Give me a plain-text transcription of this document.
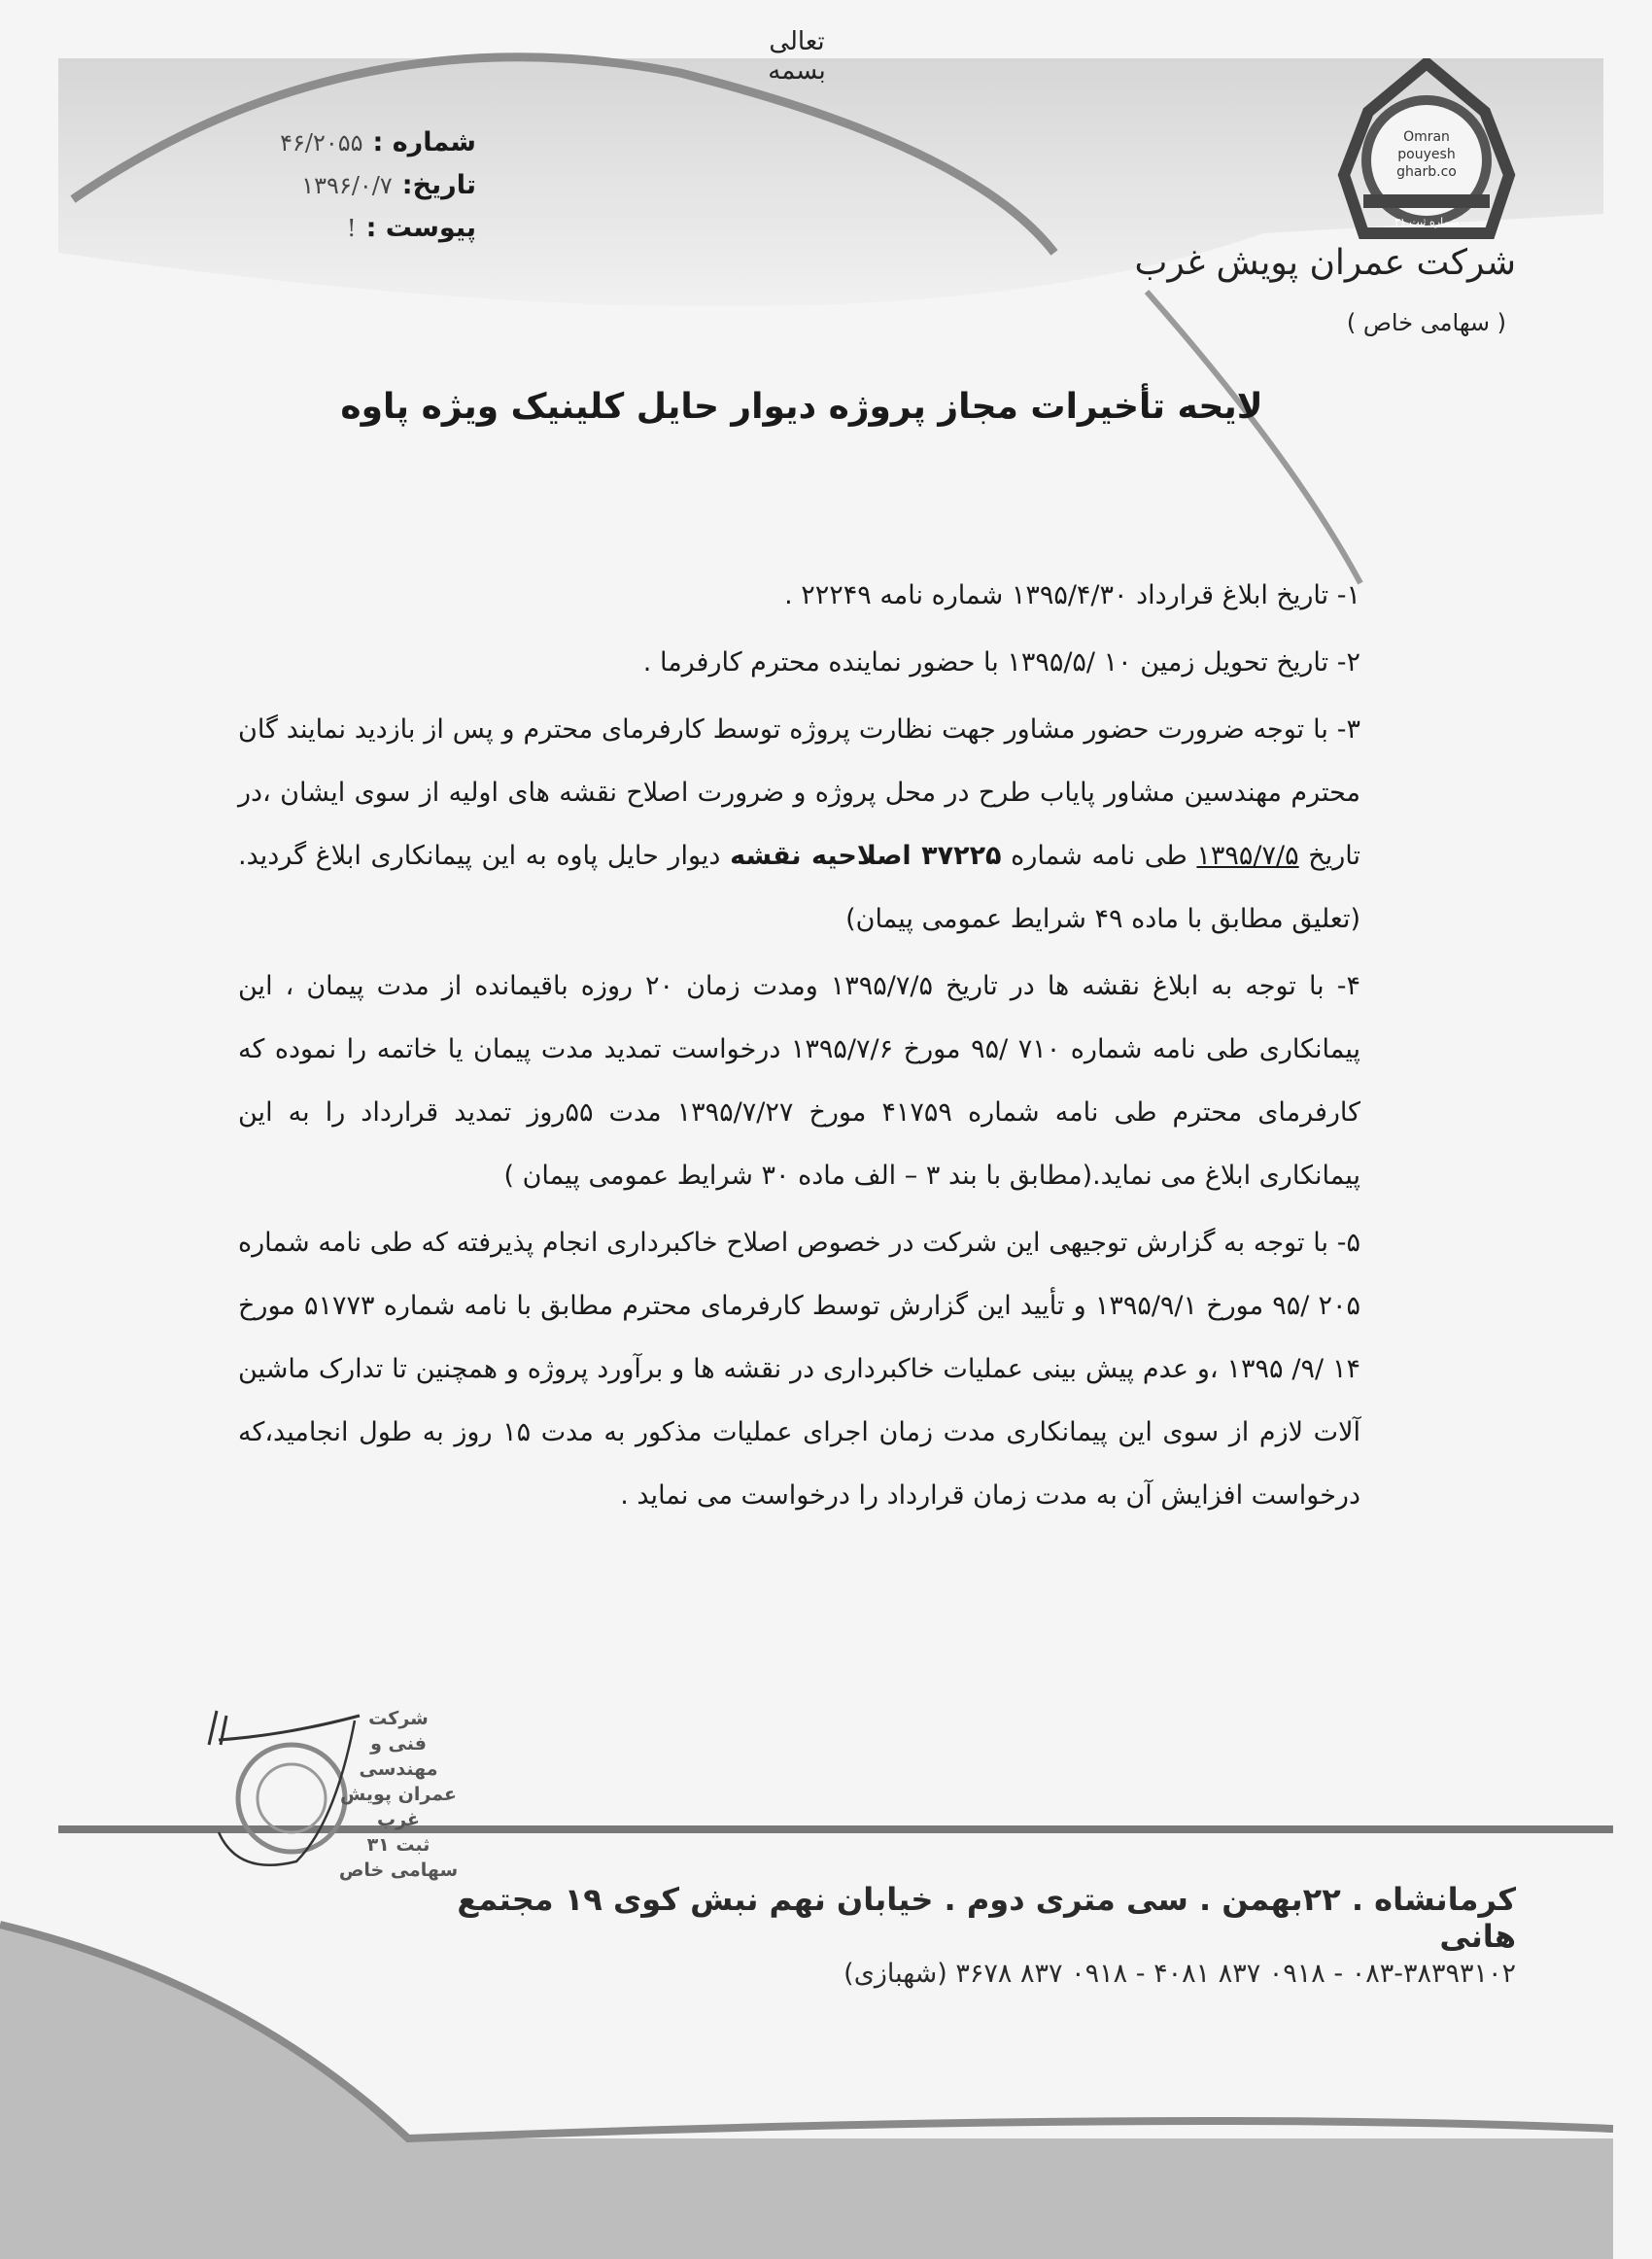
تعالی
بسمه
شماره :
۴۶/۲۰۵۵
تاریخ:
۱۳۹۶/۰/۷
پیوست :
!
Omran
pouyesh
gharb.co
شماره ثبت ۳۱
شرکت عمران پویش غرب
( سهامی خاص )
لایحه تأخیرات مجاز پروژه دیوار حایل کلینیک ویژه پاوه

۱- تاریخ ابلاغ قرارداد ۱۳۹۵/۴/۳۰ شماره نامه ۲۲۲۴۹ .

۲- تاریخ تحویل زمین ۱۰ /۱۳۹۵/۵ با حضور نماینده محترم کارفرما .

۳- با توجه ضرورت حضور مشاور جهت نظارت پروژه توسط کارفرمای محترم و پس از بازدید نمایند گان محترم مهندسین مشاور پایاب طرح در محل پروژه و ضرورت اصلاح نقشه های اولیه از سوی ایشان ،در تاریخ ۱۳۹۵/۷/۵ طی نامه شماره ۳۷۲۲۵ اصلاحیه نقشه دیوار حایل پاوه به این پیمانکاری ابلاغ گردید.(تعلیق مطابق با ماده ۴۹ شرایط عمومی پیمان)

۴- با توجه به ابلاغ نقشه ها در تاریخ ۱۳۹۵/۷/۵ ومدت زمان ۲۰ روزه باقیمانده از مدت پیمان ، این پیمانکاری طی نامه شماره ۷۱۰ /۹۵ مورخ ۱۳۹۵/۷/۶ درخواست تمدید مدت پیمان یا خاتمه را نموده که کارفرمای محترم طی نامه شماره ۴۱۷۵۹ مورخ ۱۳۹۵/۷/۲۷ مدت ۵۵روز تمدید قرارداد را به این پیمانکاری ابلاغ می نماید.(مطابق با بند ۳ – الف ماده ۳۰ شرایط عمومی پیمان )

۵- با توجه به گزارش توجیهی این شرکت در خصوص اصلاح خاکبرداری انجام پذیرفته که طی نامه شماره ۲۰۵ /۹۵ مورخ ۱۳۹۵/۹/۱ و تأیید این گزارش توسط کارفرمای محترم مطابق با نامه شماره ۵۱۷۷۳ مورخ ۱۴ /۹/ ۱۳۹۵ ،و عدم پیش بینی عملیات خاکبرداری در نقشه ها و برآورد پروژه و همچنین تا تدارک ماشین آلات لازم از سوی این پیمانکاری مدت زمان اجرای عملیات مذکور به مدت ۱۵ روز به طول انجامید،که درخواست افزایش آن به مدت زمان قرارداد را درخواست می نماید .

شرکت
فنی و مهندسی
عمران پویش غرب
ثبت ۳۱ سهامی خاص
کرمانشاه . ۲۲بهمن . سی متری دوم . خیابان نهم نبش کوی ۱۹ مجتمع هانی
۰۸۳-۳۸۳۹۳۱۰۲ - ۰۹۱۸ ۸۳۷ ۴۰۸۱ - ۰۹۱۸ ۸۳۷ ۳۶۷۸ (شهبازی)
